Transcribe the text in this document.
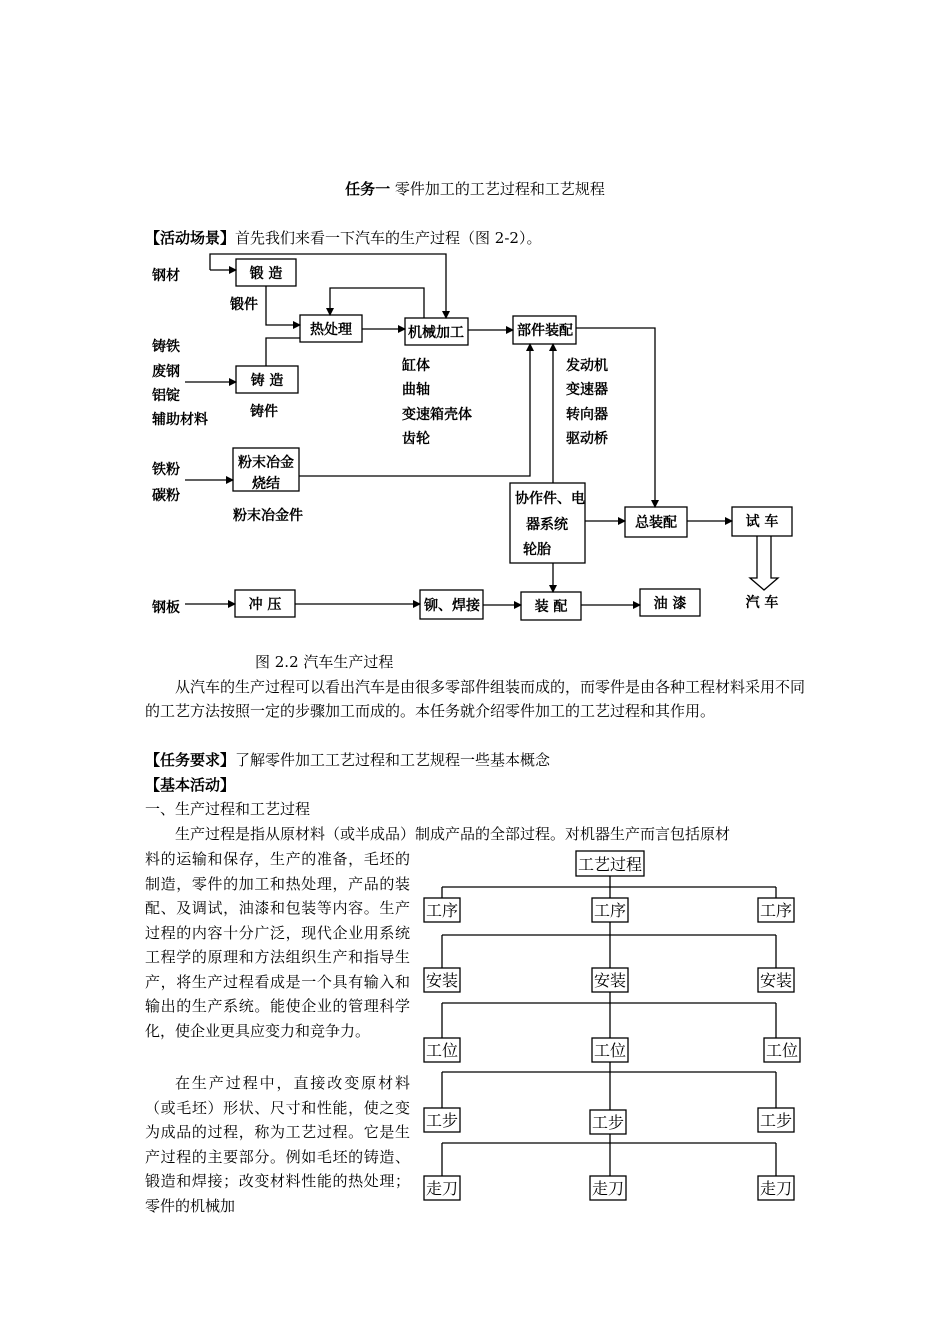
任务一 零件加工的工艺过程和工艺规程
【活动场景】首先我们来看一下汽车的生产过程（图 2-2）。
钢材
铸铁
废钢
铝锭
辅助材料
铁粉
碳粉
钢板
锻 造
热处理	机械加工	部件装配
铸 造
粉末冶金
烧结
协作件、电
器系统
轮胎
总装配	试 车
冲 压	铆、焊接	装 配	油 漆
锻件
铸件
粉末冶金件
缸体
曲轴
变速箱壳体
齿轮
发动机
变速器
转向器
驱动桥
汽 车
图 2.2 汽车生产过程
从汽车的生产过程可以看出汽车是由很多零部件组装而成的，而零件是由各种工程材料采用不同的工艺方法按照一定的步骤加工而成的。本任务就介绍零件加工的工艺过程和其作用。
【任务要求】了解零件加工工艺过程和工艺规程一些基本概念
【基本活动】
一、生产过程和工艺过程
生产过程是指从原材料（或半成品）制成产品的全部过程。对机器生产而言包括原材
料的运输和保存，生产的准备，毛坯的制造，零件的加工和热处理，产品的装配、及调试，油漆和包装等内容。生产过程的内容十分广泛，现代企业用系统工程学的原理和方法组织生产和指导生产，将生产过程看成是一个具有输入和输出的生产系统。能使企业的管理科学化，使企业更具应变力和竞争力。
在生产过程中，直接改变原材料（或毛坯）形状、尺寸和性能，使之变为成品的过程，称为工艺过程。它是生产过程的主要部分。例如毛坯的铸造、锻造和焊接；改变材料性能的热处理；零件的机械加
工艺过程
工序	工序	工序
安装	安装	安装
工位	工位	工位
工步	工步	工步
走刀	走刀	走刀
